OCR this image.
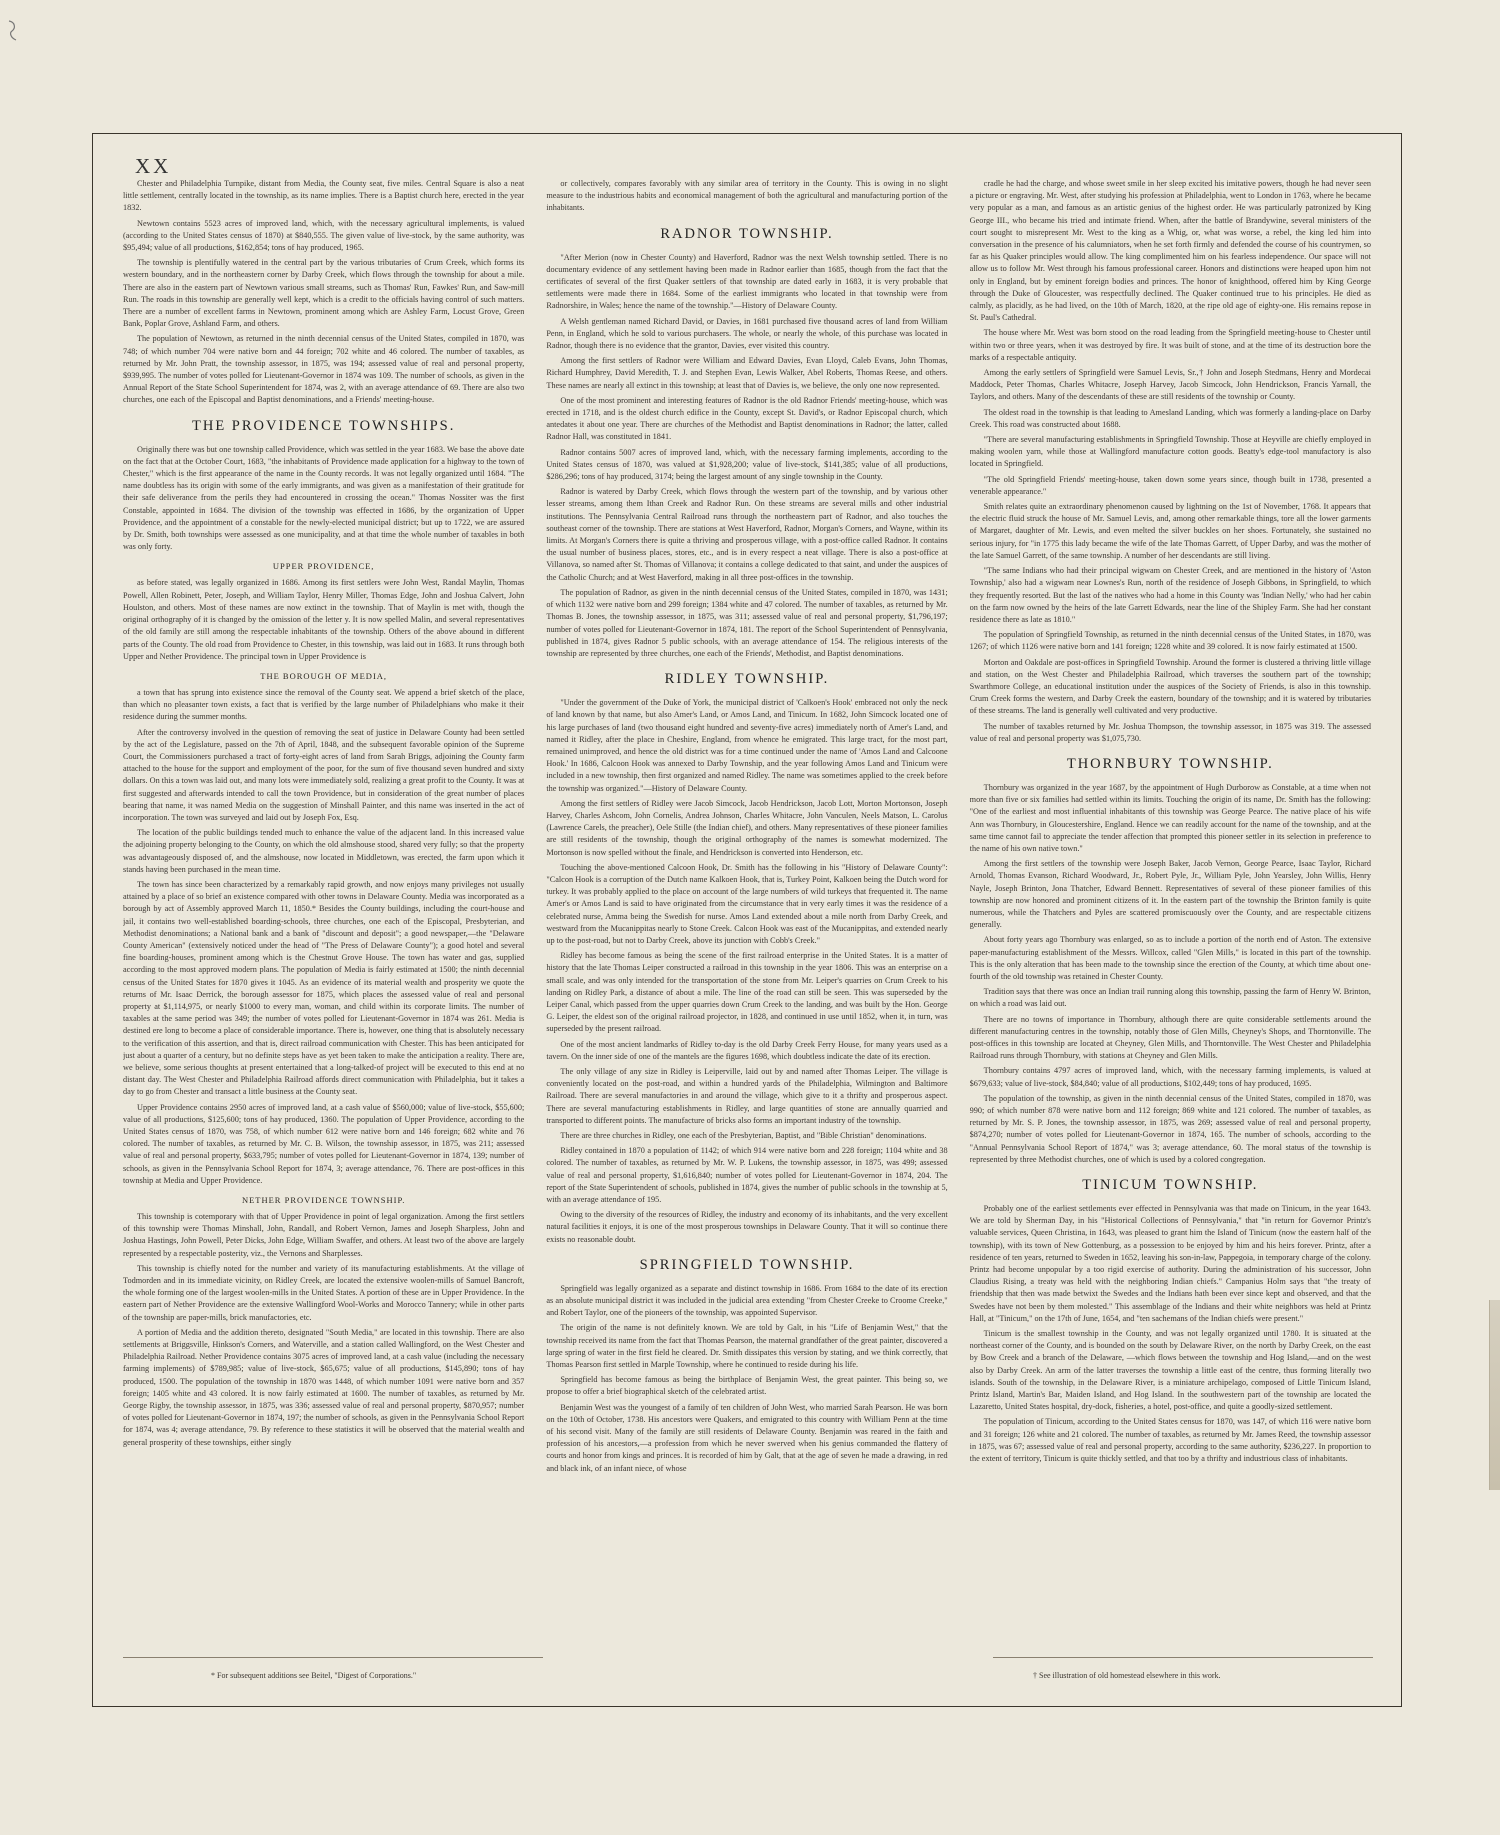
XX

Chester and Philadelphia Turnpike, distant from Media, the County seat, five miles. Central Square is also a neat little settlement, centrally located in the township, as its name implies. There is a Baptist church here, erected in the year 1832.

Newtown contains 5523 acres of improved land, which, with the necessary agricultural implements, is valued (according to the United States census of 1870) at $840,555. The given value of live-stock, by the same authority, was $95,494; value of all productions, $162,854; tons of hay produced, 1965.

The township is plentifully watered in the central part by the various tributaries of Crum Creek, which forms its western boundary, and in the northeastern corner by Darby Creek, which flows through the township for about a mile. There are also in the eastern part of Newtown various small streams, such as Thomas' Run, Fawkes' Run, and Saw-mill Run. The roads in this township are generally well kept, which is a credit to the officials having control of such matters. There are a number of excellent farms in Newtown, prominent among which are Ashley Farm, Locust Grove, Green Bank, Poplar Grove, Ashland Farm, and others.

The population of Newtown, as returned in the ninth decennial census of the United States, compiled in 1870, was 748; of which number 704 were native born and 44 foreign; 702 white and 46 colored. The number of taxables, as returned by Mr. John Pratt, the township assessor, in 1875, was 194; assessed value of real and personal property, $939,995. The number of votes polled for Lieutenant-Governor in 1874 was 109. The number of schools, as given in the Annual Report of the State School Superintendent for 1874, was 2, with an average attendance of 69. There are also two churches, one each of the Episcopal and Baptist denominations, and a Friends' meeting-house.

THE PROVIDENCE TOWNSHIPS.

Originally there was but one township called Providence, which was settled in the year 1683. We base the above date on the fact that at the October Court, 1683, "the inhabitants of Providence made application for a highway to the town of Chester," which is the first appearance of the name in the County records. It was not legally organized until 1684. "The name doubtless has its origin with some of the early immigrants, and was given as a manifestation of their gratitude for their safe deliverance from the perils they had encountered in crossing the ocean." Thomas Nossiter was the first Constable, appointed in 1684. The division of the township was effected in 1686, by the organization of Upper Providence, and the appointment of a constable for the newly-elected municipal district; but up to 1722, we are assured by Dr. Smith, both townships were assessed as one municipality, and at that time the whole number of taxables in both was only forty.

UPPER PROVIDENCE,

as before stated, was legally organized in 1686. Among its first settlers were John West, Randal Maylin, Thomas Powell, Allen Robinett, Peter, Joseph, and William Taylor, Henry Miller, Thomas Edge, John and Joshua Calvert, John Houlston, and others. Most of these names are now extinct in the township. That of Maylin is met with, though the original orthography of it is changed by the omission of the letter y. It is now spelled Malin, and several representatives of the old family are still among the respectable inhabitants of the township. Others of the above abound in different parts of the County. The old road from Providence to Chester, in this township, was laid out in 1683. It runs through both Upper and Nether Providence. The principal town in Upper Providence is

THE BOROUGH OF MEDIA,

a town that has sprung into existence since the removal of the County seat. We append a brief sketch of the place, than which no pleasanter town exists, a fact that is verified by the large number of Philadelphians who make it their residence during the summer months.

After the controversy involved in the question of removing the seat of justice in Delaware County had been settled by the act of the Legislature, passed on the 7th of April, 1848, and the subsequent favorable opinion of the Supreme Court, the Commissioners purchased a tract of forty-eight acres of land from Sarah Briggs, adjoining the County farm attached to the house for the support and employment of the poor, for the sum of five thousand seven hundred and sixty dollars. On this a town was laid out, and many lots were immediately sold, realizing a great profit to the County. It was at first suggested and afterwards intended to call the town Providence, but in consideration of the great number of places bearing that name, it was named Media on the suggestion of Minshall Painter, and this name was inserted in the act of incorporation. The town was surveyed and laid out by Joseph Fox, Esq.

The location of the public buildings tended much to enhance the value of the adjacent land. In this increased value the adjoining property belonging to the County, on which the old almshouse stood, shared very fully; so that the property was advantageously disposed of, and the almshouse, now located in Middletown, was erected, the farm upon which it stands having been purchased in the mean time.

The town has since been characterized by a remarkably rapid growth, and now enjoys many privileges not usually attained by a place of so brief an existence compared with other towns in Delaware County. Media was incorporated as a borough by act of Assembly approved March 11, 1850.* Besides the County buildings, including the court-house and jail, it contains two well-established boarding-schools, three churches, one each of the Episcopal, Presbyterian, and Methodist denominations; a National bank and a bank of "discount and deposit"; a good newspaper,—the "Delaware County American" (extensively noticed under the head of "The Press of Delaware County"); a good hotel and several fine boarding-houses, prominent among which is the Chestnut Grove House. The town has water and gas, supplied according to the most approved modern plans. The population of Media is fairly estimated at 1500; the ninth decennial census of the United States for 1870 gives it 1045. As an evidence of its material wealth and prosperity we quote the returns of Mr. Isaac Derrick, the borough assessor for 1875, which places the assessed value of real and personal property at $1,114,975, or nearly $1000 to every man, woman, and child within its corporate limits. The number of taxables at the same period was 349; the number of votes polled for Lieutenant-Governor in 1874 was 261. Media is destined ere long to become a place of considerable importance. There is, however, one thing that is absolutely necessary to the verification of this assertion, and that is, direct railroad communication with Chester. This has been anticipated for just about a quarter of a century, but no definite steps have as yet been taken to make the anticipation a reality. There are, we believe, some serious thoughts at present entertained that a long-talked-of project will be executed to this end at no distant day. The West Chester and Philadelphia Railroad affords direct communication with Philadelphia, but it takes a day to go from Chester and transact a little business at the County seat.

Upper Providence contains 2950 acres of improved land, at a cash value of $560,000; value of live-stock, $55,600; value of all productions, $125,600; tons of hay produced, 1360. The population of Upper Providence, according to the United States census of 1870, was 758, of which number 612 were native born and 146 foreign; 682 white and 76 colored. The number of taxables, as returned by Mr. C. B. Wilson, the township assessor, in 1875, was 211; assessed value of real and personal property, $633,795; number of votes polled for Lieutenant-Governor in 1874, 139; number of schools, as given in the Pennsylvania School Report for 1874, 3; average attendance, 76. There are post-offices in this township at Media and Upper Providence.

NETHER PROVIDENCE TOWNSHIP.

This township is cotemporary with that of Upper Providence in point of legal organization. Among the first settlers of this township were Thomas Minshall, John, Randall, and Robert Vernon, James and Joseph Sharpless, John and Joshua Hastings, John Powell, Peter Dicks, John Edge, William Swaffer, and others. At least two of the above are largely represented by a respectable posterity, viz., the Vernons and Sharplesses.

This township is chiefly noted for the number and variety of its manufacturing establishments. At the village of Todmorden and in its immediate vicinity, on Ridley Creek, are located the extensive woolen-mills of Samuel Bancroft, the whole forming one of the largest woolen-mills in the United States. A portion of these are in Upper Providence. In the eastern part of Nether Providence are the extensive Wallingford Wool-Works and Morocco Tannery; while in other parts of the township are paper-mills, brick manufactories, etc.

A portion of Media and the addition thereto, designated "South Media," are located in this township. There are also settlements at Briggsville, Hinkson's Corners, and Waterville, and a station called Wallingford, on the West Chester and Philadelphia Railroad. Nether Providence contains 3075 acres of improved land, at a cash value (including the necessary farming implements) of $789,985; value of live-stock, $65,675; value of all productions, $145,890; tons of hay produced, 1500. The population of the township in 1870 was 1448, of which number 1091 were native born and 357 foreign; 1405 white and 43 colored. It is now fairly estimated at 1600. The number of taxables, as returned by Mr. George Rigby, the township assessor, in 1875, was 336; assessed value of real and personal property, $870,957; number of votes polled for Lieutenant-Governor in 1874, 197; the number of schools, as given in the Pennsylvania School Report for 1874, was 4; average attendance, 79. By reference to these statistics it will be observed that the material wealth and general prosperity of these townships, either singly

or collectively, compares favorably with any similar area of territory in the County. This is owing in no slight measure to the industrious habits and economical management of both the agricultural and manufacturing portion of the inhabitants.

RADNOR TOWNSHIP.

"After Merion (now in Chester County) and Haverford, Radnor was the next Welsh township settled. There is no documentary evidence of any settlement having been made in Radnor earlier than 1685, though from the fact that the certificates of several of the first Quaker settlers of that township are dated early in 1683, it is very probable that settlements were made there in 1684. Some of the earliest immigrants who located in that township were from Radnorshire, in Wales; hence the name of the township."—History of Delaware County.

A Welsh gentleman named Richard David, or Davies, in 1681 purchased five thousand acres of land from William Penn, in England, which he sold to various purchasers. The whole, or nearly the whole, of this purchase was located in Radnor, though there is no evidence that the grantor, Davies, ever visited this country.

Among the first settlers of Radnor were William and Edward Davies, Evan Lloyd, Caleb Evans, John Thomas, Richard Humphrey, David Meredith, T. J. and Stephen Evan, Lewis Walker, Abel Roberts, Thomas Reese, and others. These names are nearly all extinct in this township; at least that of Davies is, we believe, the only one now represented.

One of the most prominent and interesting features of Radnor is the old Radnor Friends' meeting-house, which was erected in 1718, and is the oldest church edifice in the County, except St. David's, or Radnor Episcopal church, which antedates it about one year. There are churches of the Methodist and Baptist denominations in Radnor; the latter, called Radnor Hall, was constituted in 1841.

Radnor contains 5007 acres of improved land, which, with the necessary farming implements, according to the United States census of 1870, was valued at $1,928,200; value of live-stock, $141,385; value of all productions, $286,296; tons of hay produced, 3174; being the largest amount of any single township in the County.

Radnor is watered by Darby Creek, which flows through the western part of the township, and by various other lesser streams, among them Ithan Creek and Radnor Run. On these streams are several mills and other industrial institutions. The Pennsylvania Central Railroad runs through the northeastern part of Radnor, and also touches the southeast corner of the township. There are stations at West Haverford, Radnor, Morgan's Corners, and Wayne, within its limits. At Morgan's Corners there is quite a thriving and prosperous village, with a post-office called Radnor. It contains the usual number of business places, stores, etc., and is in every respect a neat village. There is also a post-office at Villanova, so named after St. Thomas of Villanova; it contains a college dedicated to that saint, and under the auspices of the Catholic Church; and at West Haverford, making in all three post-offices in the township.

The population of Radnor, as given in the ninth decennial census of the United States, compiled in 1870, was 1431; of which 1132 were native born and 299 foreign; 1384 white and 47 colored. The number of taxables, as returned by Mr. Thomas B. Jones, the township assessor, in 1875, was 311; assessed value of real and personal property, $1,796,197; number of votes polled for Lieutenant-Governor in 1874, 181. The report of the School Superintendent of Pennsylvania, published in 1874, gives Radnor 5 public schools, with an average attendance of 154. The religious interests of the township are represented by three churches, one each of the Friends', Methodist, and Baptist denominations.

RIDLEY TOWNSHIP.

"Under the government of the Duke of York, the municipal district of 'Calkoen's Hook' embraced not only the neck of land known by that name, but also Amer's Land, or Amos Land, and Tinicum. In 1682, John Simcock located one of his large purchases of land (two thousand eight hundred and seventy-five acres) immediately north of Amer's Land, and named it Ridley, after the place in Cheshire, England, from whence he emigrated. This large tract, for the most part, remained unimproved, and hence the old district was for a time continued under the name of 'Amos Land and Calcoone Hook.' In 1686, Calcoon Hook was annexed to Darby Township, and the year following Amos Land and Tinicum were included in a new township, then first organized and named Ridley. The name was sometimes applied to the creek before the township was organized."—History of Delaware County.

Among the first settlers of Ridley were Jacob Simcock, Jacob Hendrickson, Jacob Lott, Morton Mortonson, Joseph Harvey, Charles Ashcom, John Cornelis, Andrea Johnson, Charles Whitacre, John Vanculen, Neels Matson, L. Carolus (Lawrence Carels, the preacher), Oele Stille (the Indian chief), and others. Many representatives of these pioneer families are still residents of the township, though the original orthography of the names is somewhat modernized. The Mortonson is now spelled without the finale, and Hendrickson is converted into Henderson, etc.

Touching the above-mentioned Calcoon Hook, Dr. Smith has the following in his "History of Delaware County": "Calcon Hook is a corruption of the Dutch name Kalkoen Hook, that is, Turkey Point, Kalkoen being the Dutch word for turkey. It was probably applied to the place on account of the large numbers of wild turkeys that frequented it. The name Amer's or Amos Land is said to have originated from the circumstance that in very early times it was the residence of a celebrated nurse, Amma being the Swedish for nurse. Amos Land extended about a mile north from Darby Creek, and westward from the Mucanippitas nearly to Stone Creek. Calcon Hook was east of the Mucanippitas, and extended nearly up to the post-road, but not to Darby Creek, above its junction with Cobb's Creek."

Ridley has become famous as being the scene of the first railroad enterprise in the United States. It is a matter of history that the late Thomas Leiper constructed a railroad in this township in the year 1806. This was an enterprise on a small scale, and was only intended for the transportation of the stone from Mr. Leiper's quarries on Crum Creek to his landing on Ridley Park, a distance of about a mile. The line of the road can still be seen. This was superseded by the Leiper Canal, which passed from the upper quarries down Crum Creek to the landing, and was built by the Hon. George G. Leiper, the eldest son of the original railroad projector, in 1828, and continued in use until 1852, when it, in turn, was superseded by the present railroad.

One of the most ancient landmarks of Ridley to-day is the old Darby Creek Ferry House, for many years used as a tavern. On the inner side of one of the mantels are the figures 1698, which doubtless indicate the date of its erection.

The only village of any size in Ridley is Leiperville, laid out by and named after Thomas Leiper. The village is conveniently located on the post-road, and within a hundred yards of the Philadelphia, Wilmington and Baltimore Railroad. There are several manufactories in and around the village, which give to it a thrifty and prosperous aspect. There are several manufacturing establishments in Ridley, and large quantities of stone are annually quarried and transported to different points. The manufacture of bricks also forms an important industry of the township.

There are three churches in Ridley, one each of the Presbyterian, Baptist, and "Bible Christian" denominations.

Ridley contained in 1870 a population of 1142; of which 914 were native born and 228 foreign; 1104 white and 38 colored. The number of taxables, as returned by Mr. W. P. Lukens, the township assessor, in 1875, was 499; assessed value of real and personal property, $1,616,840; number of votes polled for Lieutenant-Governor in 1874, 204. The report of the State Superintendent of schools, published in 1874, gives the number of public schools in the township at 5, with an average attendance of 195.

Owing to the diversity of the resources of Ridley, the industry and economy of its inhabitants, and the very excellent natural facilities it enjoys, it is one of the most prosperous townships in Delaware County. That it will so continue there exists no reasonable doubt.

SPRINGFIELD TOWNSHIP.

Springfield was legally organized as a separate and distinct township in 1686. From 1684 to the date of its erection as an absolute municipal district it was included in the judicial area extending "from Chester Creeke to Croome Creeke," and Robert Taylor, one of the pioneers of the township, was appointed Supervisor.

The origin of the name is not definitely known. We are told by Galt, in his "Life of Benjamin West," that the township received its name from the fact that Thomas Pearson, the maternal grandfather of the great painter, discovered a large spring of water in the first field he cleared. Dr. Smith dissipates this version by stating, and we think correctly, that Thomas Pearson first settled in Marple Township, where he continued to reside during his life.

Springfield has become famous as being the birthplace of Benjamin West, the great painter. This being so, we propose to offer a brief biographical sketch of the celebrated artist.

Benjamin West was the youngest of a family of ten children of John West, who married Sarah Pearson. He was born on the 10th of October, 1738. His ancestors were Quakers, and emigrated to this country with William Penn at the time of his second visit. Many of the family are still residents of Delaware County. Benjamin was reared in the faith and profession of his ancestors,—a profession from which he never swerved when his genius commanded the flattery of courts and honor from kings and princes. It is recorded of him by Galt, that at the age of seven he made a drawing, in red and black ink, of an infant niece, of whose

cradle he had the charge, and whose sweet smile in her sleep excited his imitative powers, though he had never seen a picture or engraving. Mr. West, after studying his profession at Philadelphia, went to London in 1763, where he became very popular as a man, and famous as an artistic genius of the highest order. He was particularly patronized by King George III., who became his tried and intimate friend. When, after the battle of Brandywine, several ministers of the court sought to misrepresent Mr. West to the king as a Whig, or, what was worse, a rebel, the king led him into conversation in the presence of his calumniators, when he set forth firmly and defended the course of his countrymen, so far as his Quaker principles would allow. The king complimented him on his fearless independence. Our space will not allow us to follow Mr. West through his famous professional career. Honors and distinctions were heaped upon him not only in England, but by eminent foreign bodies and princes. The honor of knighthood, offered him by King George through the Duke of Gloucester, was respectfully declined. The Quaker continued true to his principles. He died as calmly, as placidly, as he had lived, on the 10th of March, 1820, at the ripe old age of eighty-one. His remains repose in St. Paul's Cathedral.

The house where Mr. West was born stood on the road leading from the Springfield meeting-house to Chester until within two or three years, when it was destroyed by fire. It was built of stone, and at the time of its destruction bore the marks of a respectable antiquity.

Among the early settlers of Springfield were Samuel Levis, Sr.,† John and Joseph Stedmans, Henry and Mordecai Maddock, Peter Thomas, Charles Whitacre, Joseph Harvey, Jacob Simcock, John Hendrickson, Francis Yarnall, the Taylors, and others. Many of the descendants of these are still residents of the township or County.

The oldest road in the township is that leading to Amesland Landing, which was formerly a landing-place on Darby Creek. This road was constructed about 1688.

"There are several manufacturing establishments in Springfield Township. Those at Heyville are chiefly employed in making woolen yarn, while those at Wallingford manufacture cotton goods. Beatty's edge-tool manufactory is also located in Springfield.

"The old Springfield Friends' meeting-house, taken down some years since, though built in 1738, presented a venerable appearance."

Smith relates quite an extraordinary phenomenon caused by lightning on the 1st of November, 1768. It appears that the electric fluid struck the house of Mr. Samuel Levis, and, among other remarkable things, tore all the lower garments of Margaret, daughter of Mr. Lewis, and even melted the silver buckles on her shoes. Fortunately, she sustained no serious injury, for "in 1775 this lady became the wife of the late Thomas Garrett, of Upper Darby, and was the mother of the late Samuel Garrett, of the same township. A number of her descendants are still living.

"The same Indians who had their principal wigwam on Chester Creek, and are mentioned in the history of 'Aston Township,' also had a wigwam near Lownes's Run, north of the residence of Joseph Gibbons, in Springfield, to which they frequently resorted. But the last of the natives who had a home in this County was 'Indian Nelly,' who had her cabin on the farm now owned by the heirs of the late Garrett Edwards, near the line of the Shipley Farm. She had her constant residence there as late as 1810."

The population of Springfield Township, as returned in the ninth decennial census of the United States, in 1870, was 1267; of which 1126 were native born and 141 foreign; 1228 white and 39 colored. It is now fairly estimated at 1500.

Morton and Oakdale are post-offices in Springfield Township. Around the former is clustered a thriving little village and station, on the West Chester and Philadelphia Railroad, which traverses the southern part of the township; Swarthmore College, an educational institution under the auspices of the Society of Friends, is also in this township. Crum Creek forms the western, and Darby Creek the eastern, boundary of the township; and it is watered by tributaries of these streams. The land is generally well cultivated and very productive.

The number of taxables returned by Mr. Joshua Thompson, the township assessor, in 1875 was 319. The assessed value of real and personal property was $1,075,730.

THORNBURY TOWNSHIP.

Thornbury was organized in the year 1687, by the appointment of Hugh Durborow as Constable, at a time when not more than five or six families had settled within its limits. Touching the origin of its name, Dr. Smith has the following: "One of the earliest and most influential inhabitants of this township was George Pearce. The native place of his wife Ann was Thornbury, in Gloucestershire, England. Hence we can readily account for the name of the township, and at the same time cannot fail to appreciate the tender affection that prompted this pioneer settler in its selection in preference to the name of his own native town."

Among the first settlers of the township were Joseph Baker, Jacob Vernon, George Pearce, Isaac Taylor, Richard Arnold, Thomas Evanson, Richard Woodward, Jr., Robert Pyle, Jr., William Pyle, John Yearsley, John Willis, Henry Nayle, Joseph Brinton, Jona Thatcher, Edward Bennett. Representatives of several of these pioneer families of this township are now honored and prominent citizens of it. In the eastern part of the township the Brinton family is quite numerous, while the Thatchers and Pyles are scattered promiscuously over the County, and are respectable citizens generally.

About forty years ago Thornbury was enlarged, so as to include a portion of the north end of Aston. The extensive paper-manufacturing establishment of the Messrs. Willcox, called "Glen Mills," is located in this part of the township. This is the only alteration that has been made to the township since the erection of the County, at which time about one-fourth of the old township was retained in Chester County.

Tradition says that there was once an Indian trail running along this township, passing the farm of Henry W. Brinton, on which a road was laid out.

There are no towns of importance in Thornbury, although there are quite considerable settlements around the different manufacturing centres in the township, notably those of Glen Mills, Cheyney's Shops, and Thorntonville. The post-offices in this township are located at Cheyney, Glen Mills, and Thorntonville. The West Chester and Philadelphia Railroad runs through Thornbury, with stations at Cheyney and Glen Mills.

Thornbury contains 4797 acres of improved land, which, with the necessary farming implements, is valued at $679,633; value of live-stock, $84,840; value of all productions, $102,449; tons of hay produced, 1695.

The population of the township, as given in the ninth decennial census of the United States, compiled in 1870, was 990; of which number 878 were native born and 112 foreign; 869 white and 121 colored. The number of taxables, as returned by Mr. S. P. Jones, the township assessor, in 1875, was 269; assessed value of real and personal property, $874,270; number of votes polled for Lieutenant-Governor in 1874, 165. The number of schools, according to the "Annual Pennsylvania School Report of 1874," was 3; average attendance, 60. The moral status of the township is represented by three Methodist churches, one of which is used by a colored congregation.

TINICUM TOWNSHIP.

Probably one of the earliest settlements ever effected in Pennsylvania was that made on Tinicum, in the year 1643. We are told by Sherman Day, in his "Historical Collections of Pennsylvania," that "in return for Governor Printz's valuable services, Queen Christina, in 1643, was pleased to grant him the Island of Tinicum (now the eastern half of the township), with its town of New Gottenburg, as a possession to be enjoyed by him and his heirs forever. Printz, after a residence of ten years, returned to Sweden in 1652, leaving his son-in-law, Pappegoia, in temporary charge of the colony. Printz had become unpopular by a too rigid exercise of authority. During the administration of his successor, John Claudius Rising, a treaty was held with the neighboring Indian chiefs." Campanius Holm says that "the treaty of friendship that then was made betwixt the Swedes and the Indians hath been ever since kept and observed, and that the Swedes have not been by them molested." This assemblage of the Indians and their white neighbors was held at Printz Hall, at "Tinicum," on the 17th of June, 1654, and "ten sachemans of the Indian chiefs were present."

Tinicum is the smallest township in the County, and was not legally organized until 1780. It is situated at the northeast corner of the County, and is bounded on the south by Delaware River, on the north by Darby Creek, on the east by Bow Creek and a branch of the Delaware, —which flows between the township and Hog Island,—and on the west also by Darby Creek. An arm of the latter traverses the township a little east of the centre, thus forming literally two islands. South of the township, in the Delaware River, is a miniature archipelago, composed of Little Tinicum Island, Printz Island, Martin's Bar, Maiden Island, and Hog Island. In the southwestern part of the township are located the Lazaretto, United States hospital, dry-dock, fisheries, a hotel, post-office, and quite a goodly-sized settlement.

The population of Tinicum, according to the United States census for 1870, was 147, of which 116 were native born and 31 foreign; 126 white and 21 colored. The number of taxables, as returned by Mr. James Reed, the township assessor in 1875, was 67; assessed value of real and personal property, according to the same authority, $236,227. In proportion to the extent of territory, Tinicum is quite thickly settled, and that too by a thrifty and industrious class of inhabitants.

* For subsequent additions see Beitel, "Digest of Corporations."	† See illustration of old homestead elsewhere in this work.
